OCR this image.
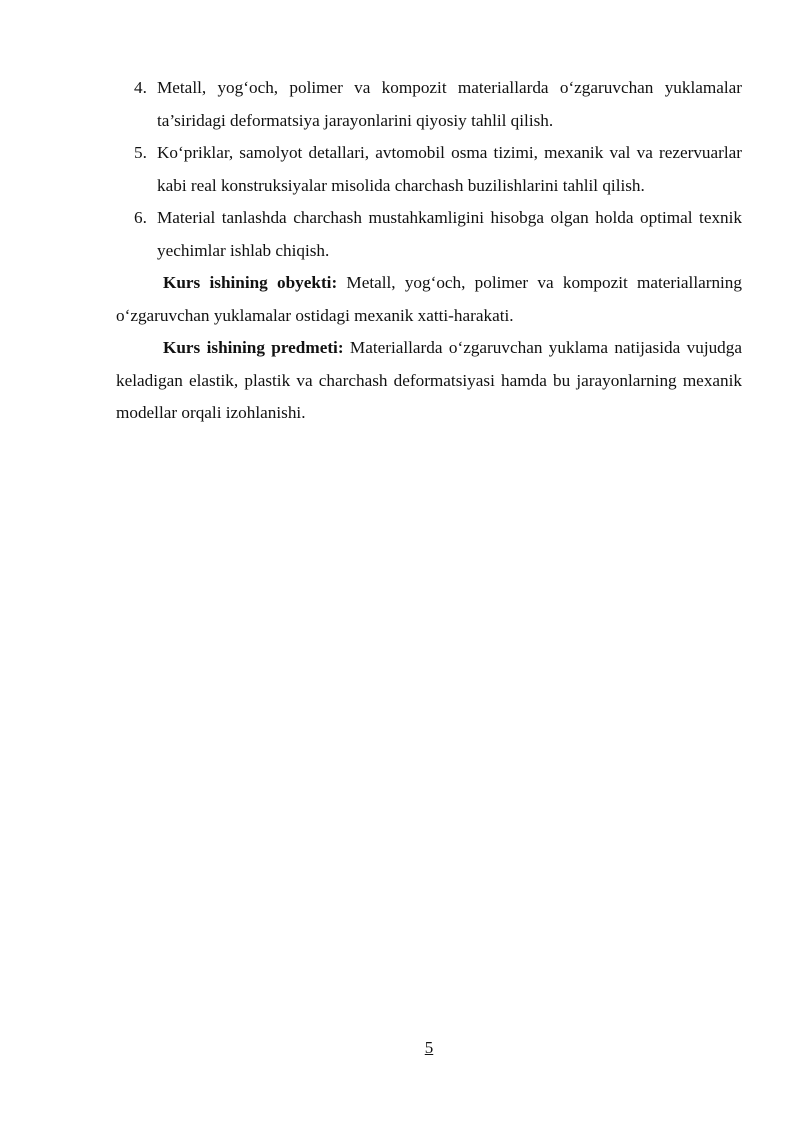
4. Metall, yog‘och, polimer va kompozit materiallarda o‘zgaruvchan yuklamalar ta’siridagi deformatsiya jarayonlarini qiyosiy tahlil qilish.
5. Ko‘priklar, samolyot detallari, avtomobil osma tizimi, mexanik val va rezervuarlar kabi real konstruksiyalar misolida charchash buzilishlarini tahlil qilish.
6. Material tanlashda charchash mustahkamligini hisobga olgan holda optimal texnik yechimlar ishlab chiqish.

Kurs ishining obyekti: Metall, yog‘och, polimer va kompozit materiallarning o‘zgaruvchan yuklamalar ostidagi mexanik xatti-harakati.

Kurs ishining predmeti: Materiallarda o‘zgaruvchan yuklama natijasida vujudga keladigan elastik, plastik va charchash deformatsiyasi hamda bu jarayonlarning mexanik modellar orqali izohlanishi.

5
